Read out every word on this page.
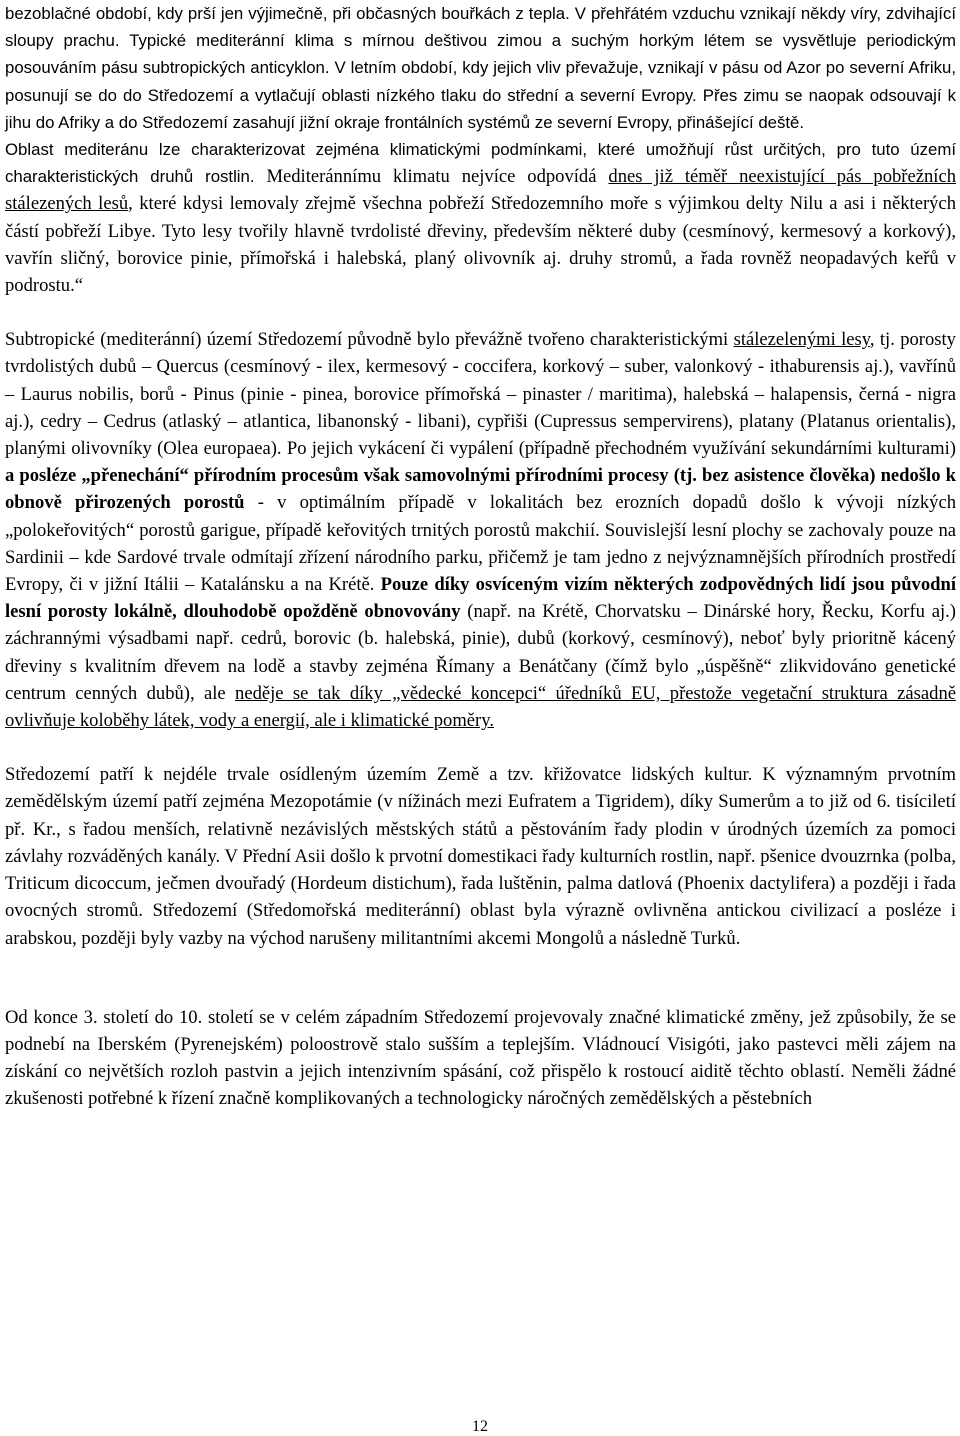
bezoblačné období, kdy prší jen výjimečně, při občasných bouřkách z tepla. V přehřátém vzduchu vznikají někdy víry, zdvihající sloupy prachu. Typické mediteránní klima s mírnou deštivou zimou a suchým horkým létem se vysvětluje periodickým posouváním pásu subtropických anticyklon. V letním období, kdy jejich vliv převažuje, vznikají v pásu od Azor po severní Afriku, posunují se do do Středozemí a vytlačují oblasti nízkého tlaku do střední a severní Evropy. Přes zimu se naopak odsouvají k jihu do Afriky a do Středozemí zasahují jižní okraje frontálních systémů ze severní Evropy, přinášející deště.

Oblast mediteránu lze charakterizovat zejména klimatickými podmínkami, které umožňují růst určitých, pro tuto území charakteristických druhů rostlin. Mediteránnímu klimatu nejvíce odpovídá dnes již téměř neexistující pás pobřežních stálezených lesů, které kdysi lemovaly zřejmě všechna pobřeží Středozemního moře s výjimkou delty Nilu a asi i některých částí pobřeží Libye. Tyto lesy tvořily hlavně tvrdolisté dřeviny, především některé duby (cesmínový, kermesový a korkový), vavřín sličný, borovice pinie, přímořská i halebská, planý olivovník aj. druhy stromů, a řada rovněž neopadavých keřů v podrostu.“

Subtropické (mediteránní) území Středozemí původně bylo převážně tvořeno charakteristickými stálezelenými lesy, tj. porosty tvrdolistých dubů – Quercus (cesmínový - ilex, kermesový - coccifera, korkový – suber, valonkový - ithaburensis aj.), vavřínů – Laurus nobilis, borů - Pinus (pinie - pinea, borovice přímořská – pinaster / maritima), halebská – halapensis, černá - nigra aj.), cedry – Cedrus (atlaský – atlantica, libanonský - libani), cypřiši (Cupressus sempervirens), platany (Platanus orientalis), planými olivovníky (Olea europaea). Po jejich vykácení či vypálení (případně přechodném využívání sekundárními kulturami) a posléze „přenechání“ přírodním procesům však samovolnými přírodními procesy (tj. bez asistence člověka) nedošlo k obnově přirozených porostů - v optimálním případě v lokalitách bez erozních dopadů došlo k vývoji nízkých „polokeřovitých“ porostů garigue, případě keřovitých trnitých porostů makchií. Souvislejší lesní plochy se zachovaly pouze na Sardinii – kde Sardové trvale odmítají zřízení národního parku, přičemž je tam jedno z nejvýznamnějších přírodních prostředí Evropy, či v jižní Itálii – Katalánsku a na Krétě. Pouze díky osvíceným vizím některých zodpovědných lidí jsou původní lesní porosty lokálně, dlouhodobě opožděně obnovovány (např. na Krétě, Chorvatsku – Dinárské hory, Řecku, Korfu aj.) záchrannými výsadbami např. cedrů, borovic (b. halebská, pinie), dubů (korkový, cesmínový), neboť byly prioritně kácený dřeviny s kvalitním dřevem na lodě a stavby zejména Římany a Benátčany (čímž bylo „úspěšně“ zlikvidováno genetické centrum cenných dubů), ale neděje se tak díky „vědecké koncepci“ úředníků EU, přestože vegetační struktura zásadně ovlivňuje koloběhy látek, vody a energií, ale i klimatické poměry.

Středozemí patří k nejdéle trvale osídleným územím Země a tzv. křižovatce lidských kultur. K významným prvotním zemědělským území patří zejména Mezopotámie (v nížinách mezi Eufratem a Tigridem), díky Sumerům a to již od 6. tisíciletí př. Kr., s řadou menších, relativně nezávislých městských států a pěstováním řady plodin v úrodných územích za pomoci závlahy rozváděných kanály. V Přední Asii došlo k prvotní domestikaci řady kulturních rostlin, např. pšenice dvouzrnka (polba, Triticum dicoccum, ječmen dvouřadý (Hordeum distichum), řada luštěnin, palma datlová (Phoenix dactylifera) a později i řada ovocných stromů. Středozemí (Středomořská mediteránní) oblast byla výrazně ovlivněna antickou civilizací a posléze i arabskou, později byly vazby na východ narušeny militantními akcemi Mongolů a následně Turků.

Od konce 3. století do 10. století se v celém západním Středozemí projevovaly značné klimatické změny, jež způsobily, že se podnebí na Iberském (Pyrenejském) poloostrově stalo sušším a teplejším. Vládnoucí Visigóti, jako pastevci měli zájem na získání co největších rozloh pastvin a jejich intenzivním spásání, což přispělo k rostoucí aiditě těchto oblastí. Neměli žádné zkušenosti potřebné k řízení značně komplikovaných a technologicky náročných zemědělských a pěstebních

12
